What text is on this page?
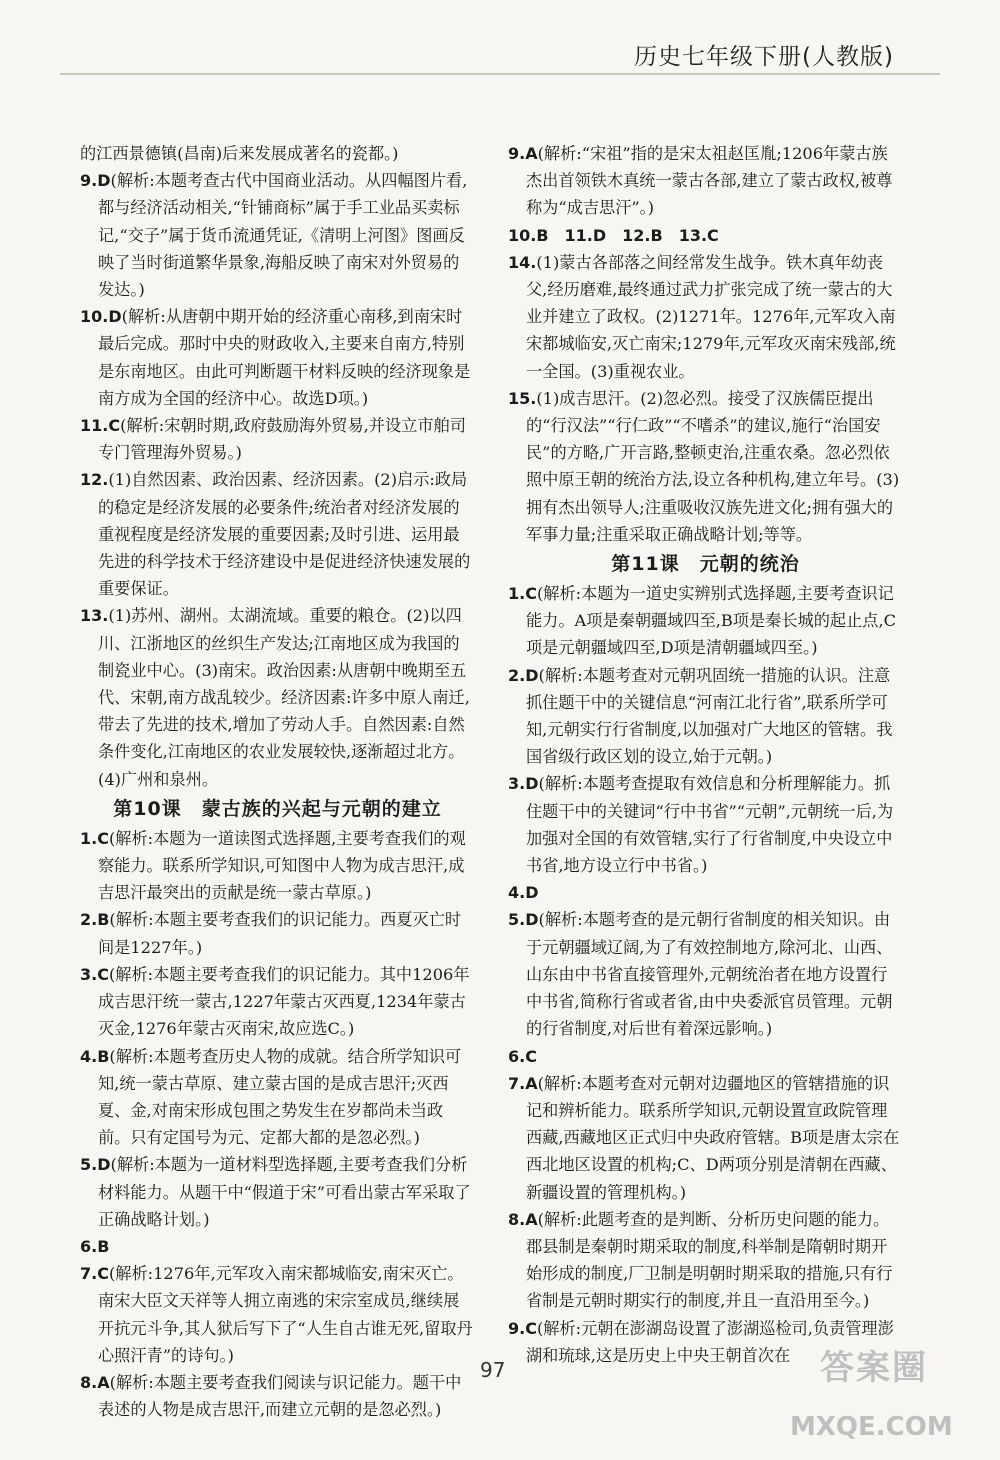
历史七年级下册(人教版)

的江西景德镇(昌南)后来发展成著名的瓷都。)

9.D(解析:本题考查古代中国商业活动。从四幅图片看,都与经济活动相关,“针铺商标”属于手工业品买卖标记,“交子”属于货币流通凭证,《清明上河图》图画反映了当时街道繁华景象,海船反映了南宋对外贸易的发达。)

10.D(解析:从唐朝中期开始的经济重心南移,到南宋时最后完成。那时中央的财政收入,主要来自南方,特别是东南地区。由此可判断题干材料反映的经济现象是南方成为全国的经济中心。故选D项。)

11.C(解析:宋朝时期,政府鼓励海外贸易,并设立市舶司专门管理海外贸易。)

12.(1)自然因素、政治因素、经济因素。(2)启示:政局的稳定是经济发展的必要条件;统治者对经济发展的重视程度是经济发展的重要因素;及时引进、运用最先进的科学技术于经济建设中是促进经济快速发展的重要保证。

13.(1)苏州、湖州。太湖流域。重要的粮仓。(2)以四川、江浙地区的丝织生产发达;江南地区成为我国的制瓷业中心。(3)南宋。政治因素:从唐朝中晚期至五代、宋朝,南方战乱较少。经济因素:许多中原人南迁,带去了先进的技术,增加了劳动人手。自然因素:自然条件变化,江南地区的农业发展较快,逐渐超过北方。(4)广州和泉州。

第10课　蒙古族的兴起与元朝的建立

1.C(解析:本题为一道读图式选择题,主要考查我们的观察能力。联系所学知识,可知图中人物为成吉思汗,成吉思汗最突出的贡献是统一蒙古草原。)

2.B(解析:本题主要考查我们的识记能力。西夏灭亡时间是1227年。)

3.C(解析:本题主要考查我们的识记能力。其中1206年成吉思汗统一蒙古,1227年蒙古灭西夏,1234年蒙古灭金,1276年蒙古灭南宋,故应选C。)

4.B(解析:本题考查历史人物的成就。结合所学知识可知,统一蒙古草原、建立蒙古国的是成吉思汗;灭西夏、金,对南宋形成包围之势发生在岁都尚未当政前。只有定国号为元、定都大都的是忽必烈。)

5.D(解析:本题为一道材料型选择题,主要考查我们分析材料能力。从题干中“假道于宋”可看出蒙古军采取了正确战略计划。)

6.B

7.C(解析:1276年,元军攻入南宋都城临安,南宋灭亡。南宋大臣文天祥等人拥立南逃的宋宗室成员,继续展开抗元斗争,其人狱后写下了“人生自古谁无死,留取丹心照汗青”的诗句。)

8.A(解析:本题主要考查我们阅读与识记能力。题干中表述的人物是成吉思汗,而建立元朝的是忽必烈。)

9.A(解析:“宋祖”指的是宋太祖赵匡胤;1206年蒙古族杰出首领铁木真统一蒙古各部,建立了蒙古政权,被尊称为“成吉思汗”。)

10.B　11.D　12.B　13.C

14.(1)蒙古各部落之间经常发生战争。铁木真年幼丧父,经历磨难,最终通过武力扩张完成了统一蒙古的大业并建立了政权。(2)1271年。1276年,元军攻入南宋都城临安,灭亡南宋;1279年,元军攻灭南宋残部,统一全国。(3)重视农业。

15.(1)成吉思汗。(2)忽必烈。接受了汉族儒臣提出的“行汉法”“行仁政”“不嗜杀”的建议,施行“治国安民”的方略,广开言路,整顿吏治,注重农桑。忽必烈依照中原王朝的统治方法,设立各种机构,建立年号。(3)拥有杰出领导人;注重吸收汉族先进文化;拥有强大的军事力量;注重采取正确战略计划;等等。

第11课　元朝的统治

1.C(解析:本题为一道史实辨别式选择题,主要考查识记能力。A项是秦朝疆域四至,B项是秦长城的起止点,C项是元朝疆域四至,D项是清朝疆域四至。)

2.D(解析:本题考查对元朝巩固统一措施的认识。注意抓住题干中的关键信息“河南江北行省”,联系所学可知,元朝实行行省制度,以加强对广大地区的管辖。我国省级行政区划的设立,始于元朝。)

3.D(解析:本题考查提取有效信息和分析理解能力。抓住题干中的关键词“行中书省”“元朝”,元朝统一后,为加强对全国的有效管辖,实行了行省制度,中央设立中书省,地方设立行中书省。)

4.D

5.D(解析:本题考查的是元朝行省制度的相关知识。由于元朝疆域辽阔,为了有效控制地方,除河北、山西、山东由中书省直接管理外,元朝统治者在地方设置行中书省,简称行省或者省,由中央委派官员管理。元朝的行省制度,对后世有着深远影响。)

6.C

7.A(解析:本题考查对元朝对边疆地区的管辖措施的识记和辨析能力。联系所学知识,元朝设置宣政院管理西藏,西藏地区正式归中央政府管辖。B项是唐太宗在西北地区设置的机构;C、D两项分别是清朝在西藏、新疆设置的管理机构。)

8.A(解析:此题考查的是判断、分析历史问题的能力。郡县制是秦朝时期采取的制度,科举制是隋朝时期开始形成的制度,厂卫制是明朝时期采取的措施,只有行省制是元朝时期实行的制度,并且一直沿用至今。)

9.C(解析:元朝在澎湖岛设置了澎湖巡检司,负责管理澎湖和琉球,这是历史上中央王朝首次在

97	答案圈
MXQE.COM
